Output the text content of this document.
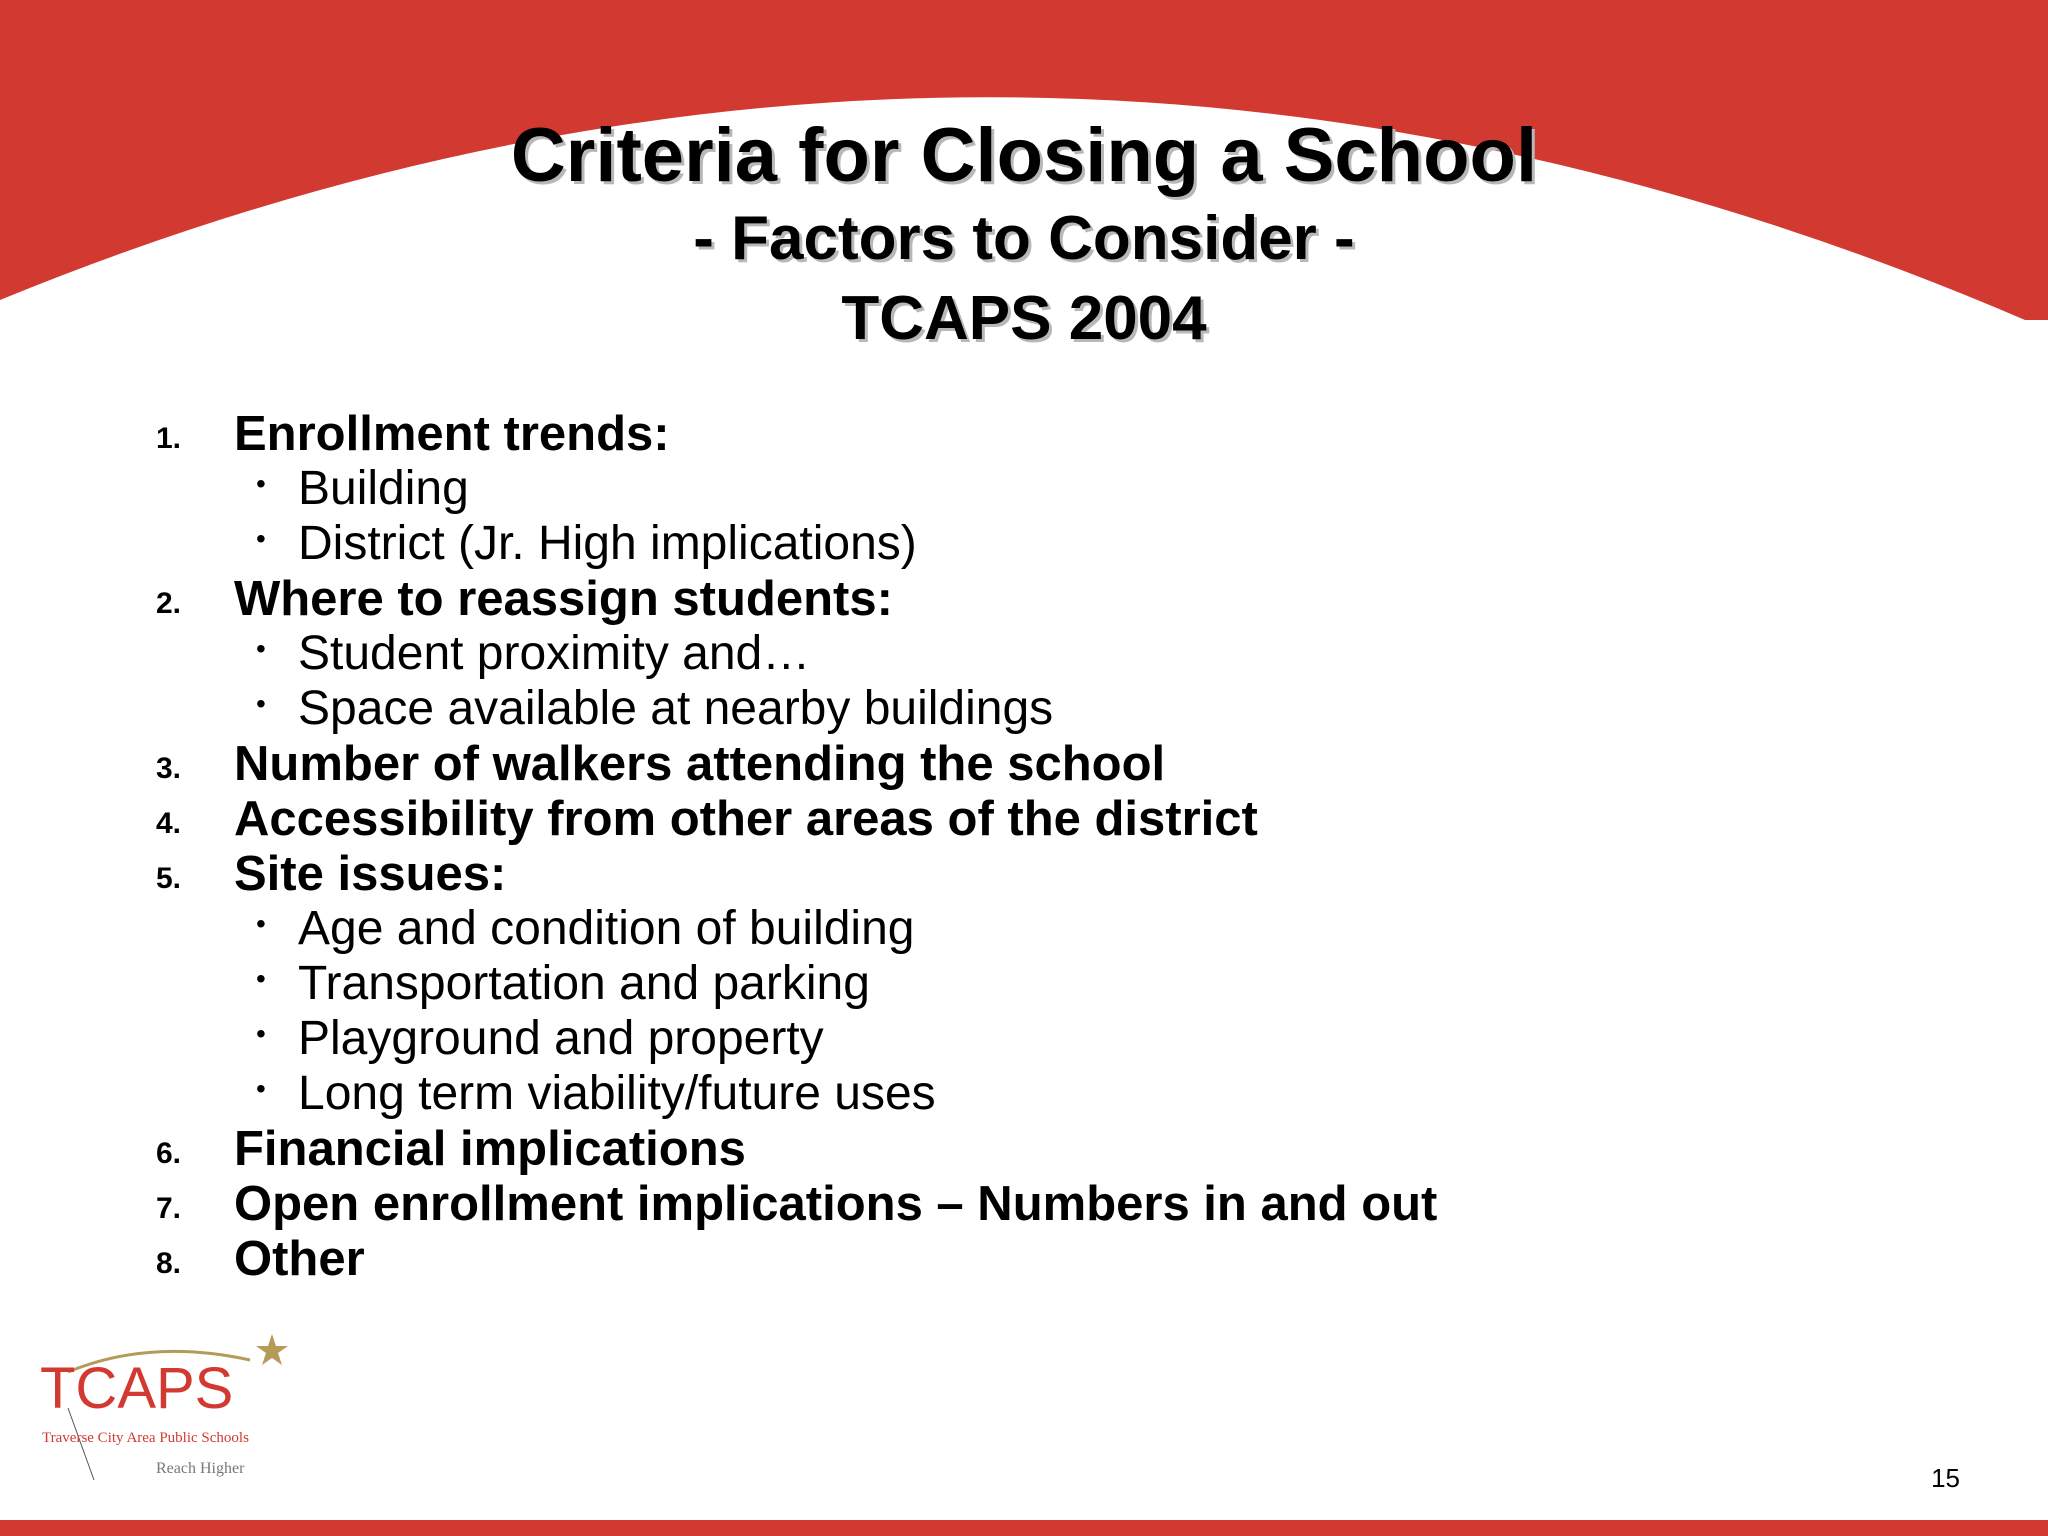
Criteria for Closing a School
- Factors to Consider -
TCAPS 2004
1.	Enrollment trends:
• Building
• District (Jr. High implications)
2.	Where to reassign students:
• Student proximity and…
• Space available at nearby buildings
3.	Number of walkers attending the school
4.	Accessibility from other areas of the district
5.	Site issues:
• Age and condition of building
• Transportation and parking
• Playground and property
• Long term viability/future uses
6.	Financial implications
7.	Open enrollment implications – Numbers in and out
8.	Other
TCAPS
Traverse City Area Public Schools
Reach Higher	15
